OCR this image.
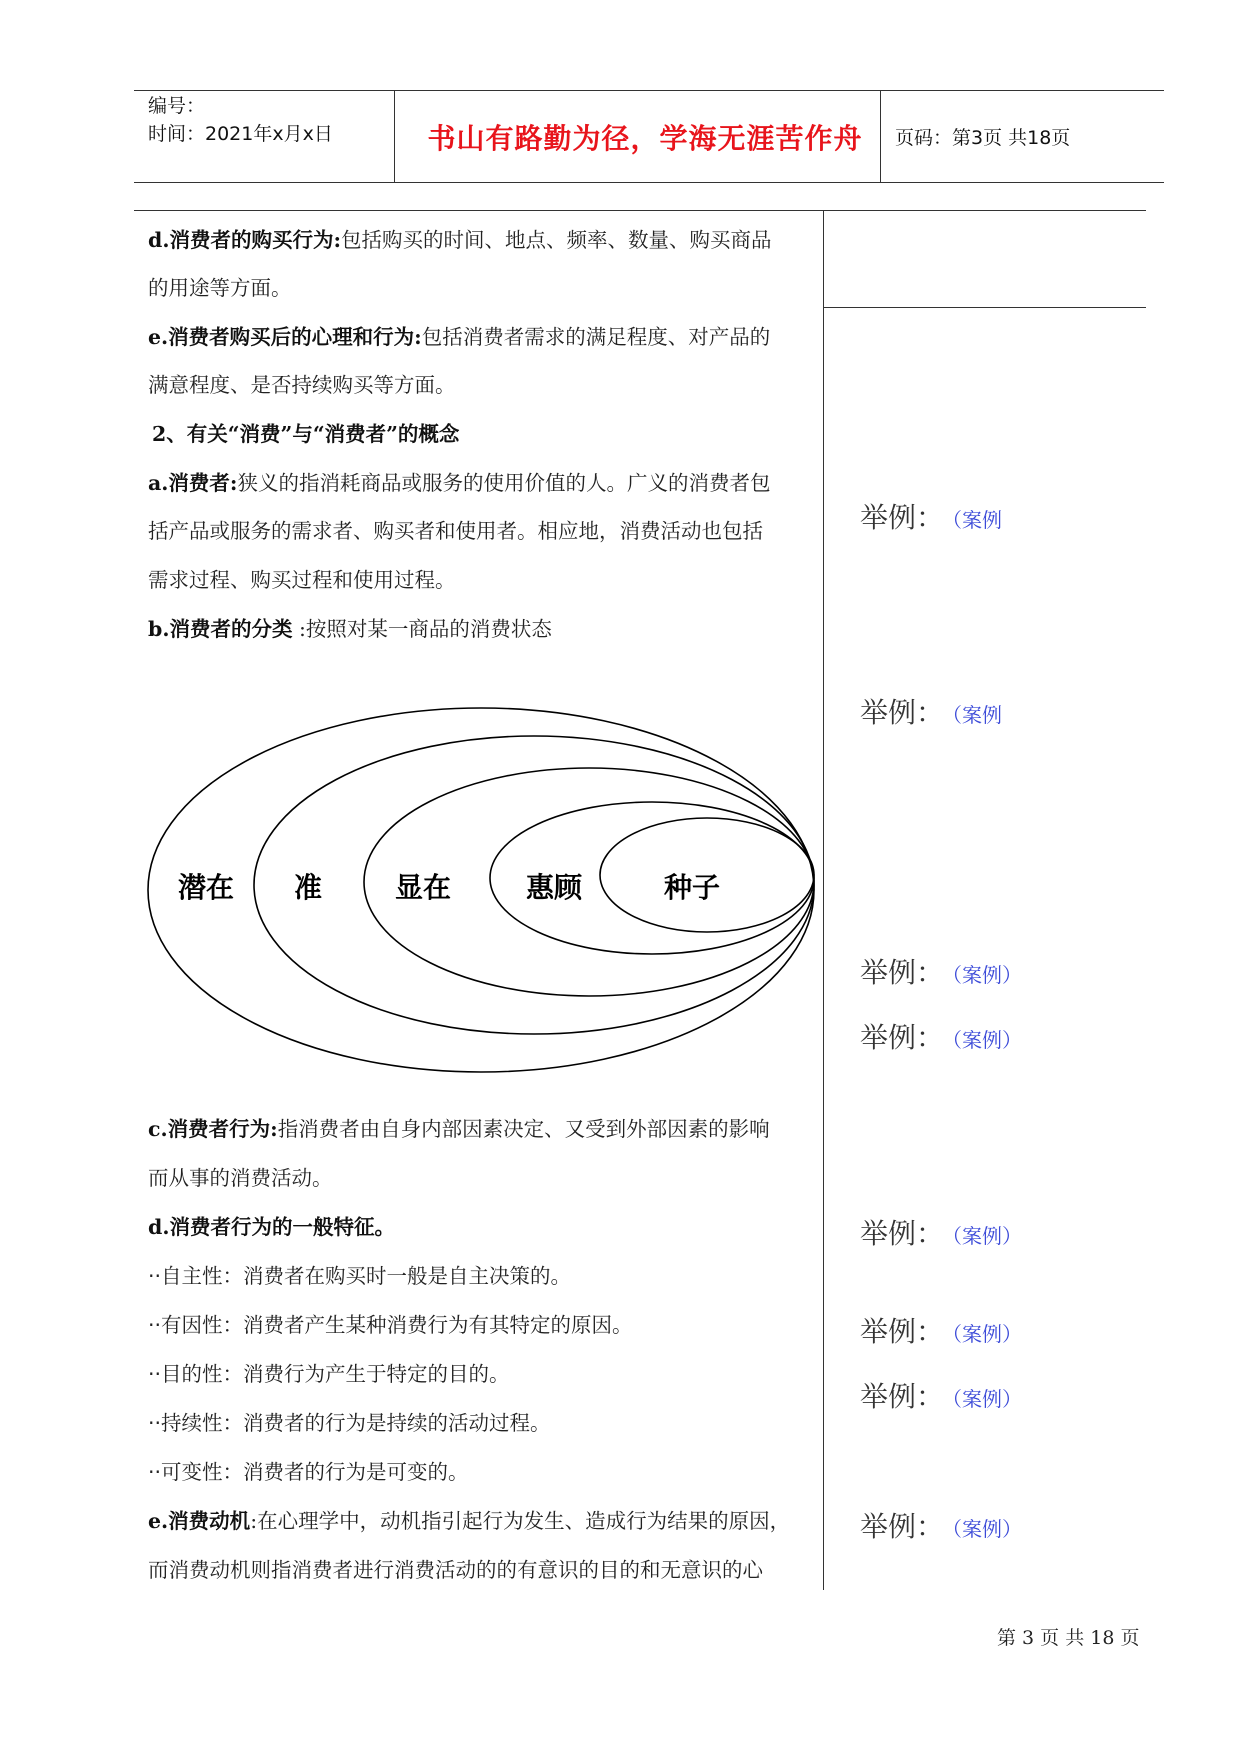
编号：
时间：2021年x月x日	书山有路勤为径，学海无涯苦作舟	页码：第3页 共18页
d.消费者的购买行为:包括购买的时间、地点、频率、数量、购买商品
的用途等方面。
e.消费者购买后的心理和行为:包括消费者需求的满足程度、对产品的
满意程度、是否持续购买等方面。
2、有关“消费”与“消费者”的概念
a.消费者:狭义的指消耗商品或服务的使用价值的人。广义的消费者包
括产品或服务的需求者、购买者和使用者。相应地，消费活动也包括
需求过程、购买过程和使用过程。
b.消费者的分类 :按照对某一商品的消费状态
潜在 准	显在	惠顾	种子
c.消费者行为:指消费者由自身内部因素决定、又受到外部因素的影响
而从事的消费活动。
d.消费者行为的一般特征。
··自主性：消费者在购买时一般是自主决策的。
··有因性：消费者产生某种消费行为有其特定的原因。
··目的性：消费行为产生于特定的目的。
··持续性：消费者的行为是持续的活动过程。
··可变性：消费者的行为是可变的。
e.消费动机:在心理学中，动机指引起行为发生、造成行为结果的原因，
而消费动机则指消费者进行消费活动的的有意识的目的和无意识的心
举例： （案例
举例： （案例
举例： （案例）
举例： （案例）
举例： （案例）
举例： （案例）
举例： （案例）
举例： （案例）
第 3 页 共 18 页
